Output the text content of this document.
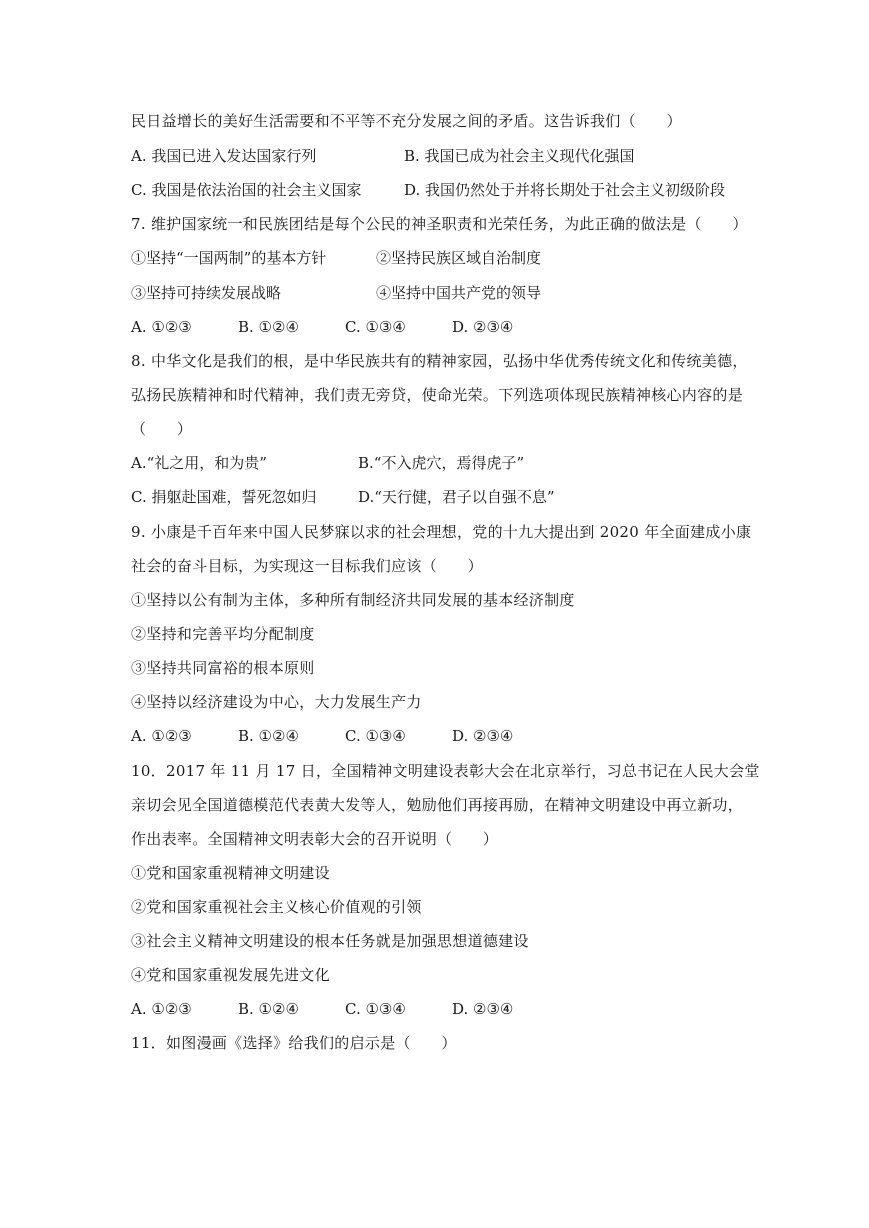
民日益增长的美好生活需要和不平等不充分发展之间的矛盾。这告诉我们（　　）
A. 我国已进入发达国家行列	B. 我国已成为社会主义现代化强国
C. 我国是依法治国的社会主义国家	D. 我国仍然处于并将长期处于社会主义初级阶段
7. 维护国家统一和民族团结是每个公民的神圣职责和光荣任务，为此正确的做法是（　　）
①坚持“一国两制”的基本方针	②坚持民族区域自治制度
③坚持可持续发展战略	④坚持中国共产党的领导
A. ①②③	B. ①②④	C. ①③④	D. ②③④
8. 中华文化是我们的根，是中华民族共有的精神家园，弘扬中华优秀传统文化和传统美德，
弘扬民族精神和时代精神，我们责无旁贷，使命光荣。下列选项体现民族精神核心内容的是
（　　）
A.“礼之用，和为贵”	B.“不入虎穴，焉得虎子”
C. 捐躯赴国难，誓死忽如归	D.“天行健，君子以自强不息”
9. 小康是千百年来中国人民梦寐以求的社会理想，党的十九大提出到 2020 年全面建成小康
社会的奋斗目标，为实现这一目标我们应该（　　）
①坚持以公有制为主体，多种所有制经济共同发展的基本经济制度
②坚持和完善平均分配制度
③坚持共同富裕的根本原则
④坚持以经济建设为中心，大力发展生产力
A. ①②③	B. ①②④	C. ①③④	D. ②③④
10．2017 年 11 月 17 日，全国精神文明建设表彰大会在北京举行，习总书记在人民大会堂
亲切会见全国道德模范代表黄大发等人，勉励他们再接再励，在精神文明建设中再立新功，
作出表率。全国精神文明表彰大会的召开说明（　　）
①党和国家重视精神文明建设
②党和国家重视社会主义核心价值观的引领
③社会主义精神文明建设的根本任务就是加强思想道德建设
④党和国家重视发展先进文化
A. ①②③	B. ①②④	C. ①③④	D. ②③④
11．如图漫画《选择》给我们的启示是（　　）
